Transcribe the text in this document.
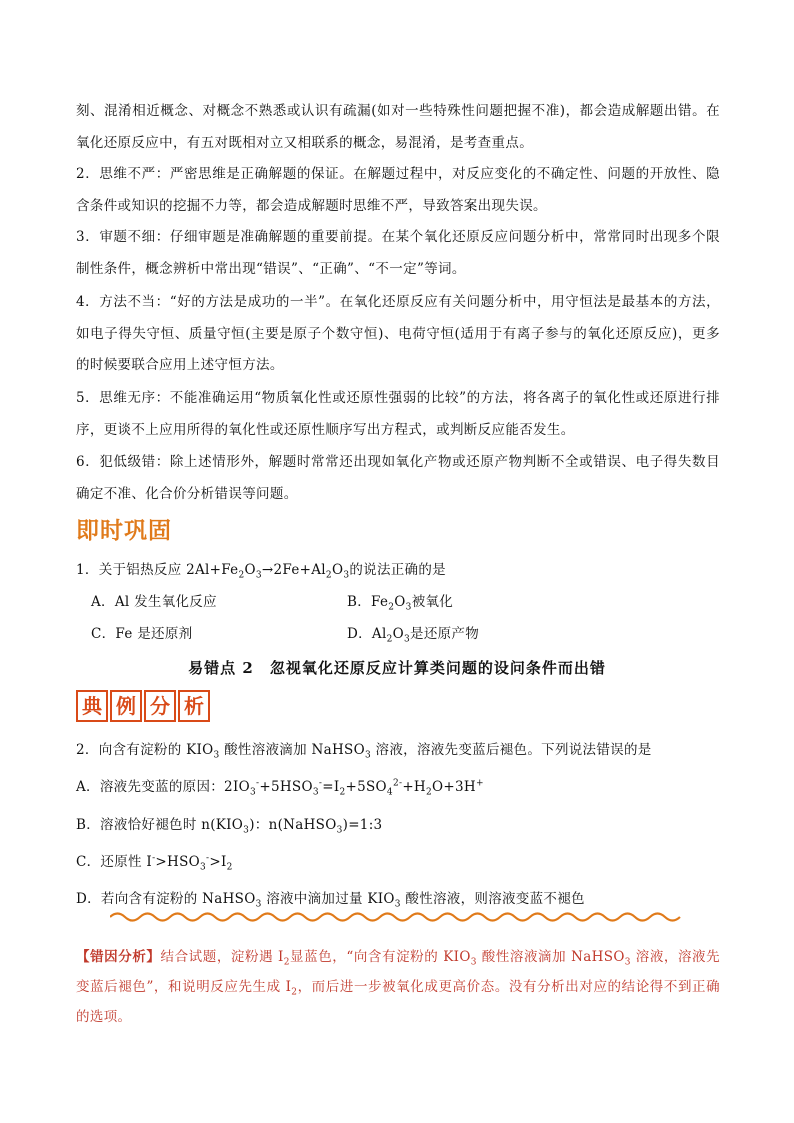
刻、混淆相近概念、对概念不熟悉或认识有疏漏(如对一些特殊性问题把握不准)，都会造成解题出错。在氧化还原反应中，有五对既相对立又相联系的概念，易混淆，是考查重点。

2．思维不严：严密思维是正确解题的保证。在解题过程中，对反应变化的不确定性、问题的开放性、隐含条件或知识的挖掘不力等，都会造成解题时思维不严，导致答案出现失误。

3．审题不细：仔细审题是准确解题的重要前提。在某个氧化还原反应问题分析中，常常同时出现多个限制性条件，概念辨析中常出现“错误”、“正确”、“不一定”等词。

4．方法不当：“好的方法是成功的一半”。在氧化还原反应有关问题分析中，用守恒法是最基本的方法，如电子得失守恒、质量守恒(主要是原子个数守恒)、电荷守恒(适用于有离子参与的氧化还原反应)，更多的时候要联合应用上述守恒方法。

5．思维无序：不能准确运用“物质氧化性或还原性强弱的比较”的方法，将各离子的氧化性或还原进行排序，更谈不上应用所得的氧化性或还原性顺序写出方程式，或判断反应能否发生。

6．犯低级错：除上述情形外，解题时常常还出现如氧化产物或还原产物判断不全或错误、电子得失数目确定不准、化合价分析错误等问题。

即时巩固
1．关于铝热反应 $2Al+Fe_2O_3\to 2Fe+Al_2O_3$的说法正确的是
A．Al 发生氧化反应	B．$Fe_2O_3$被氧化
C．Fe 是还原剂	D．$Al_2O_3$是还原产物
易错点 2　忽视氧化还原反应计算类问题的设问条件而出错
典 例 分 析
2．向含有淀粉的 $KIO_3$ 酸性溶液滴加 NaHSO$_3$ 溶液，溶液先变蓝后褪色。下列说法错误的是
A．溶液先变蓝的原因：$2IO_3^-+5HSO_3^-=I_2+5SO_4^{2-}+H_2O+3H^+$
B．溶液恰好褪色时 $n(KIO_3)$：n(NaHSO$_3$)=1:3
C．还原性 $I^->HSO_3^->I_2$
D．若向含有淀粉的 NaHSO$_3$ 溶液中滴加过量 $KIO_3$ 酸性溶液，则溶液变蓝不褪色

【错因分析】结合试题，淀粉遇 $I_2$显蓝色，“向含有淀粉的 $KIO_3$ 酸性溶液滴加 NaHSO$_3$ 溶液，溶液先变蓝后褪色”，和说明反应先生成 $I_2$，而后进一步被氧化成更高价态。没有分析出对应的结论得不到正确的选项。
